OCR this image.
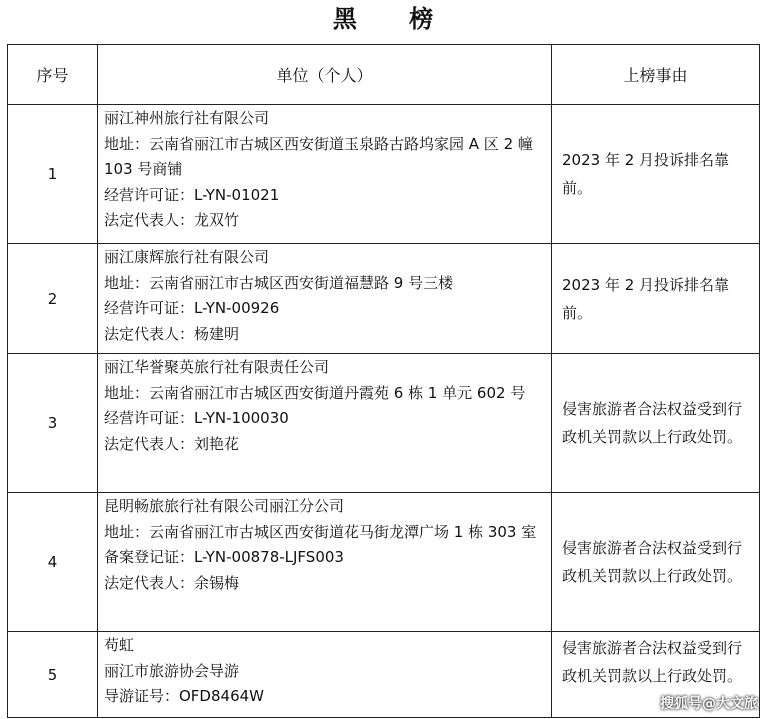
黑 榜
序号	单位（个人）	上榜事由
1	丽江神州旅行社有限公司
地址：云南省丽江市古城区西安街道玉泉路古路坞家园 A 区 2 幢 103 号商铺
经营许可证：L-YN-01021
法定代表人：龙双竹	2023 年 2 月投诉排名靠前。
2	丽江康辉旅行社有限公司
地址：云南省丽江市古城区西安街道福慧路 9 号三楼
经营许可证：L-YN-00926
法定代表人：杨建明	2023 年 2 月投诉排名靠前。
3	丽江华誉聚英旅行社有限责任公司
地址：云南省丽江市古城区西安街道丹霞苑 6 栋 1 单元 602 号
经营许可证：L-YN-100030
法定代表人：刘艳花	侵害旅游者合法权益受到行政机关罚款以上行政处罚。
4	昆明畅旅旅行社有限公司丽江分公司
地址：云南省丽江市古城区西安街道花马街龙潭广场 1 栋 303 室
备案登记证：L-YN-00878-LJFS003
法定代表人：余锡梅	侵害旅游者合法权益受到行政机关罚款以上行政处罚。
5	苟虹
丽江市旅游协会导游
导游证号：OFD8464W	侵害旅游者合法权益受到行政机关罚款以上行政处罚。
搜狐号@大文旅
